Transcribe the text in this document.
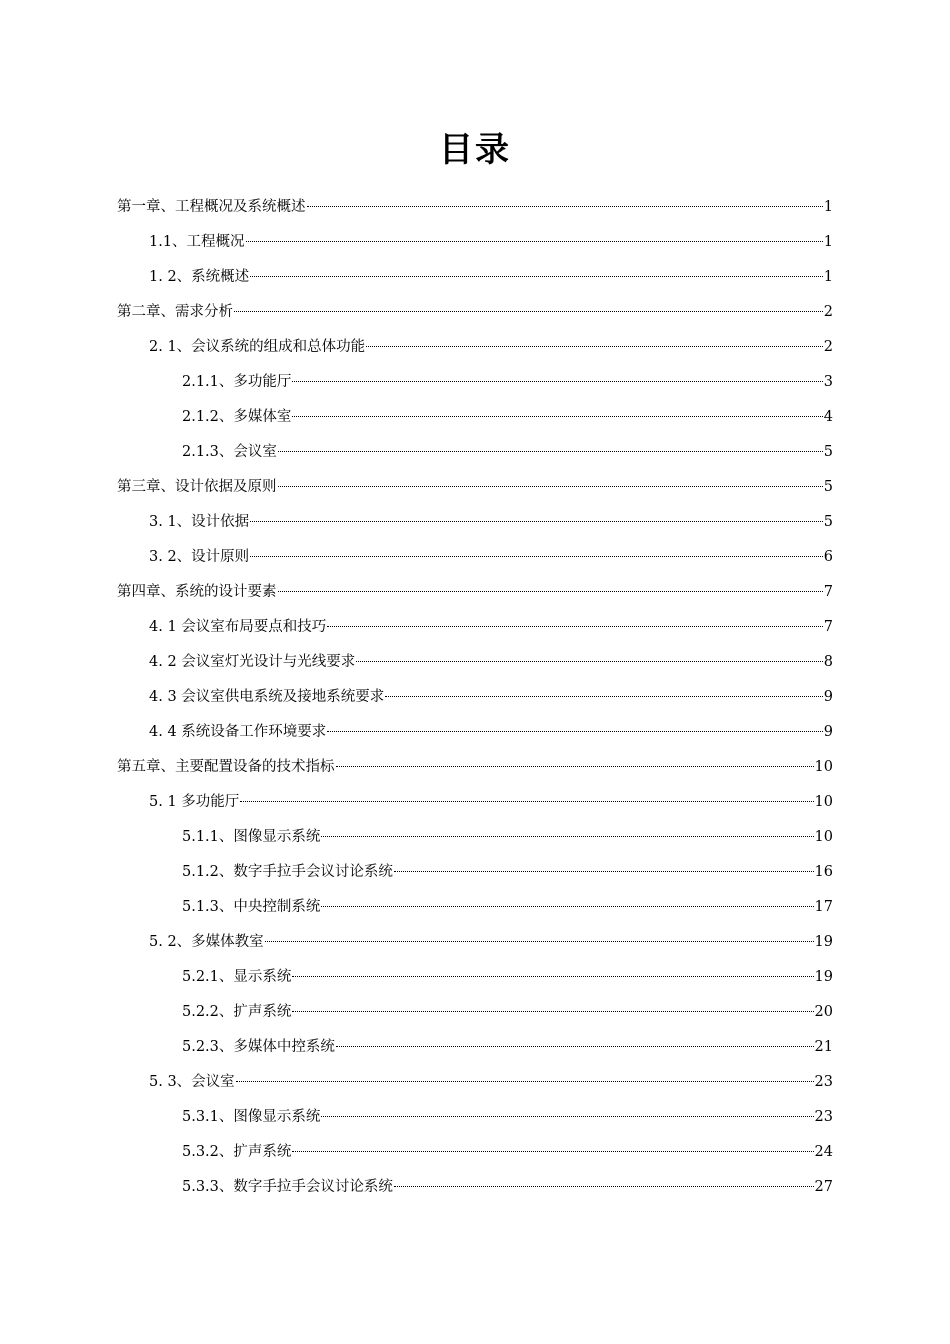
目录
第一章、工程概况及系统概述	1
1.1、工程概况	1
1. 2、系统概述	1
第二章、需求分析	2
2. 1、会议系统的组成和总体功能	2
2.1.1、多功能厅	3
2.1.2、多媒体室	4
2.1.3、会议室	5
第三章、设计依据及原则	5
3. 1、设计依据	5
3. 2、设计原则	6
第四章、系统的设计要素	7
4. 1 会议室布局要点和技巧	7
4. 2 会议室灯光设计与光线要求	8
4. 3 会议室供电系统及接地系统要求	9
4. 4 系统设备工作环境要求	9
第五章、主要配置设备的技术指标	10
5. 1 多功能厅	10
5.1.1、图像显示系统	10
5.1.2、数字手拉手会议讨论系统	16
5.1.3、中央控制系统	17
5. 2、多媒体教室	19
5.2.1、显示系统	19
5.2.2、扩声系统	20
5.2.3、多媒体中控系统	21
5. 3、会议室	23
5.3.1、图像显示系统	23
5.3.2、扩声系统	24
5.3.3、数字手拉手会议讨论系统	27
